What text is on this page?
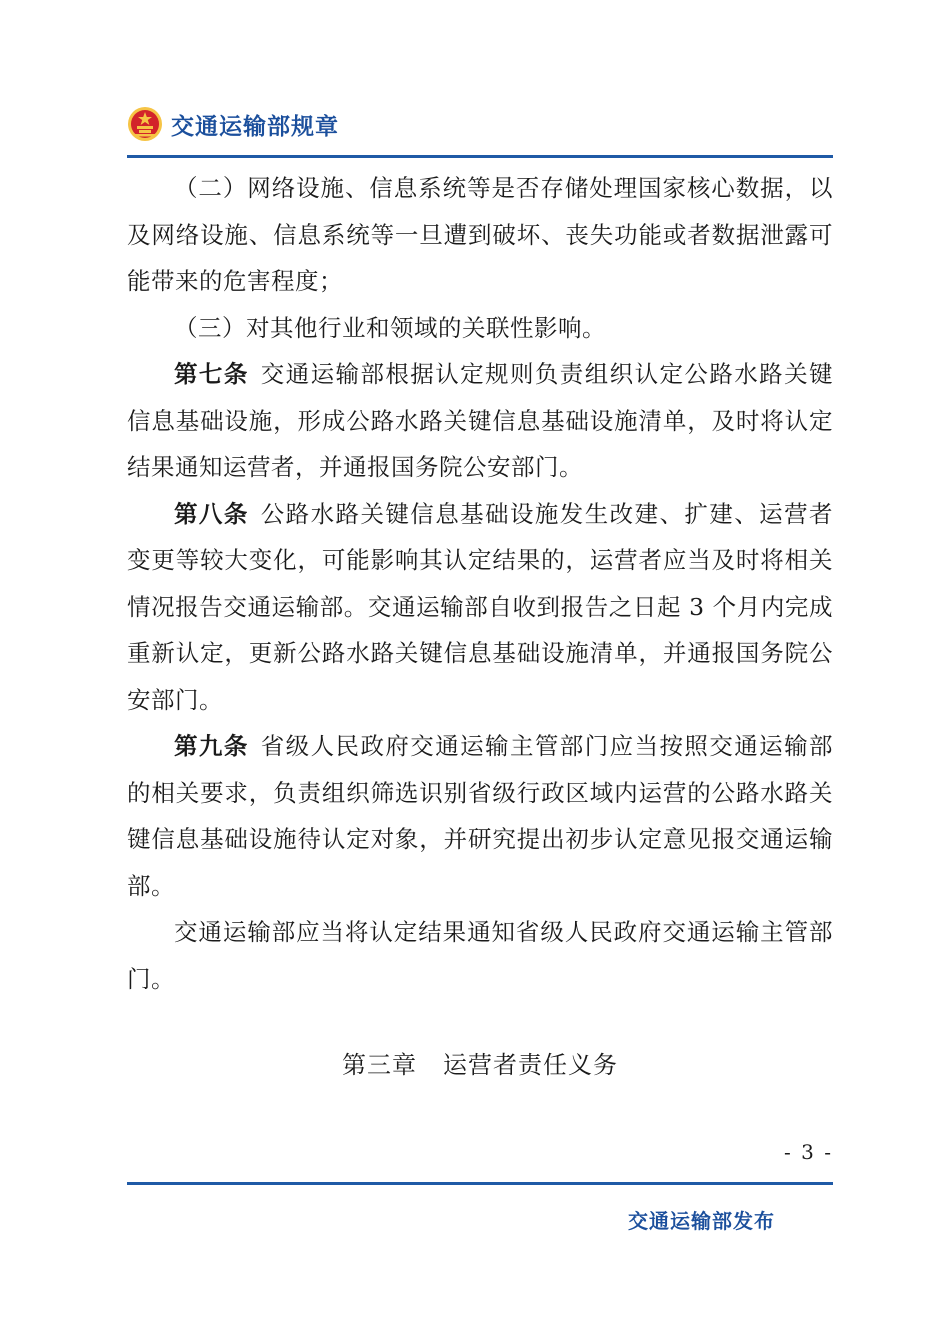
交通运输部规章

（二）网络设施、信息系统等是否存储处理国家核心数据，以及网络设施、信息系统等一旦遭到破坏、丧失功能或者数据泄露可能带来的危害程度；

（三）对其他行业和领域的关联性影响。

第七条 交通运输部根据认定规则负责组织认定公路水路关键信息基础设施，形成公路水路关键信息基础设施清单，及时将认定结果通知运营者，并通报国务院公安部门。

第八条 公路水路关键信息基础设施发生改建、扩建、运营者变更等较大变化，可能影响其认定结果的，运营者应当及时将相关情况报告交通运输部。交通运输部自收到报告之日起 3 个月内完成重新认定，更新公路水路关键信息基础设施清单，并通报国务院公安部门。

第九条 省级人民政府交通运输主管部门应当按照交通运输部的相关要求，负责组织筛选识别省级行政区域内运营的公路水路关键信息基础设施待认定对象，并研究提出初步认定意见报交通运输部。

交通运输部应当将认定结果通知省级人民政府交通运输主管部门。

第三章 运营者责任义务
- 3 -
交通运输部发布
